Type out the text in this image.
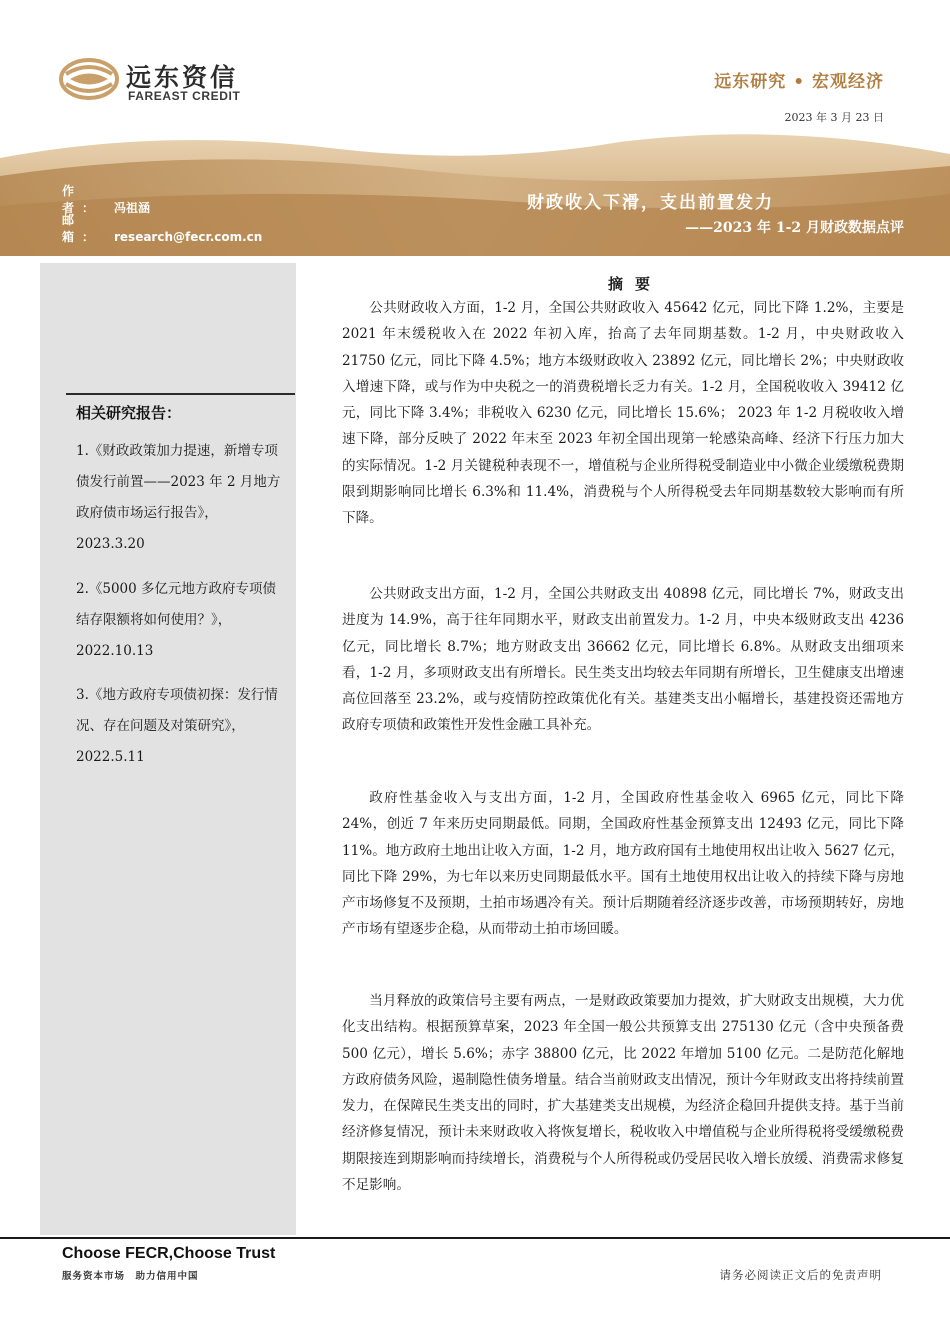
远东资信
FAREAST CREDIT
远东研究 • 宏观经济
2023 年 3 月 23 日
作　者： 冯祖涵
邮　箱： research@fecr.com.cn
财政收入下滑，支出前置发力
——2023 年 1-2 月财政数据点评
相关研究报告：
1.《财政政策加力提速，新增专项债发行前置——2023 年 2 月地方政府债市场运行报告》，2023.3.20
2.《5000 多亿元地方政府专项债结存限额将如何使用？》，2022.10.13
3.《地方政府专项债初探：发行情况、存在问题及对策研究》，2022.5.11
摘要
公共财政收入方面，1-2 月，全国公共财政收入 45642 亿元，同比下降 1.2%，主要是 2021 年末缓税收入在 2022 年初入库，抬高了去年同期基数。1-2 月，中央财政收入 21750 亿元，同比下降 4.5%；地方本级财政收入 23892 亿元，同比增长 2%；中央财政收入增速下降，或与作为中央税之一的消费税增长乏力有关。1-2 月，全国税收收入 39412 亿元，同比下降 3.4%；非税收入 6230 亿元，同比增长 15.6%； 2023 年 1-2 月税收收入增速下降，部分反映了 2022 年末至 2023 年初全国出现第一轮感染高峰、经济下行压力加大的实际情况。1-2 月关键税种表现不一，增值税与企业所得税受制造业中小微企业缓缴税费期限到期影响同比增长 6.3%和 11.4%，消费税与个人所得税受去年同期基数较大影响而有所下降。
公共财政支出方面，1-2 月，全国公共财政支出 40898 亿元，同比增长 7%，财政支出进度为 14.9%，高于往年同期水平，财政支出前置发力。1-2 月，中央本级财政支出 4236 亿元，同比增长 8.7%；地方财政支出 36662 亿元，同比增长 6.8%。从财政支出细项来看，1-2 月，多项财政支出有所增长。民生类支出均较去年同期有所增长，卫生健康支出增速高位回落至 23.2%，或与疫情防控政策优化有关。基建类支出小幅增长，基建投资还需地方政府专项债和政策性开发性金融工具补充。
政府性基金收入与支出方面，1-2 月，全国政府性基金收入 6965 亿元，同比下降 24%，创近 7 年来历史同期最低。同期，全国政府性基金预算支出 12493 亿元，同比下降 11%。地方政府土地出让收入方面，1-2 月，地方政府国有土地使用权出让收入 5627 亿元，同比下降 29%，为七年以来历史同期最低水平。国有土地使用权出让收入的持续下降与房地产市场修复不及预期，土拍市场遇冷有关。预计后期随着经济逐步改善，市场预期转好，房地产市场有望逐步企稳，从而带动土拍市场回暖。
当月释放的政策信号主要有两点，一是财政政策要加力提效，扩大财政支出规模，大力优化支出结构。根据预算草案，2023 年全国一般公共预算支出 275130 亿元（含中央预备费 500 亿元），增长 5.6%；赤字 38800 亿元，比 2022 年增加 5100 亿元。二是防范化解地方政府债务风险，遏制隐性债务增量。结合当前财政支出情况，预计今年财政支出将持续前置发力，在保障民生类支出的同时，扩大基建类支出规模，为经济企稳回升提供支持。基于当前经济修复情况，预计未来财政收入将恢复增长，税收收入中增值税与企业所得税将受缓缴税费期限接连到期影响而持续增长，消费税与个人所得税或仍受居民收入增长放缓、消费需求修复不足影响。
Choose FECR,Choose Trust
服务资本市场　助力信用中国	请务必阅读正文后的免责声明
